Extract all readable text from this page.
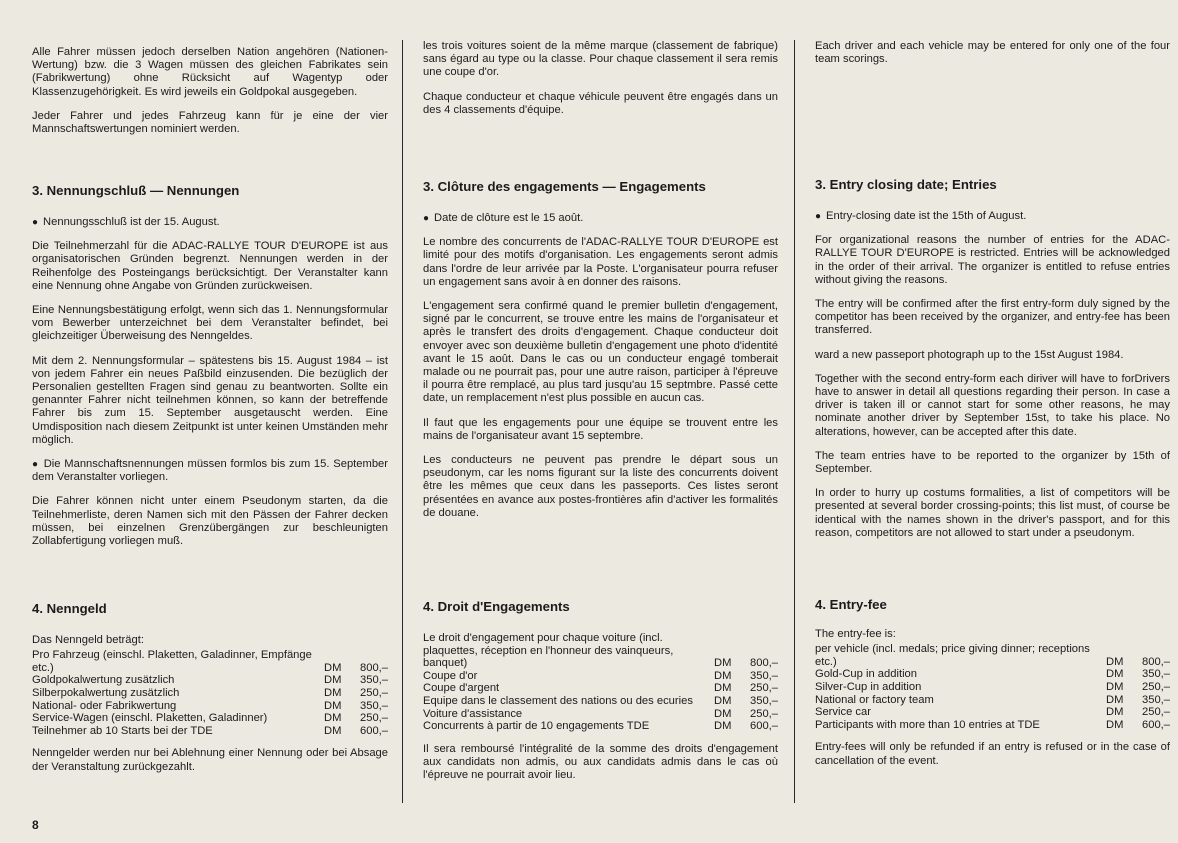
Alle Fahrer müssen jedoch derselben Nation angehören (Nationen-Wertung) bzw. die 3 Wagen müssen des gleichen Fabrikates sein (Fabrikwertung) ohne Rücksicht auf Wagentyp oder Klassenzugehörigkeit. Es wird jeweils ein Goldpokal ausgegeben.

Jeder Fahrer und jedes Fahrzeug kann für je eine der vier Mannschaftswertungen nominiert werden.

3. Nennungschluß — Nennungen

● Nennungsschluß ist der 15. August.

Die Teilnehmerzahl für die ADAC-RALLYE TOUR D'EUROPE ist aus organisatorischen Gründen begrenzt. Nennungen werden in der Reihenfolge des Posteingangs berücksichtigt. Der Veranstalter kann eine Nennung ohne Angabe von Gründen zurückweisen.

Eine Nennungsbestätigung erfolgt, wenn sich das 1. Nennungsformular vom Bewerber unterzeichnet bei dem Veranstalter befindet, bei gleichzeitiger Überweisung des Nenngeldes.

Mit dem 2. Nennungsformular – spätestens bis 15. August 1984 – ist von jedem Fahrer ein neues Paßbild einzusenden. Die bezüglich der Personalien gestellten Fragen sind genau zu beantworten. Sollte ein genannter Fahrer nicht teilnehmen können, so kann der betreffende Fahrer bis zum 15. September ausgetauscht werden. Eine Umdisposition nach diesem Zeitpunkt ist unter keinen Umständen mehr möglich.

● Die Mannschaftsnennungen müssen formlos bis zum 15. September dem Veranstalter vorliegen.

Die Fahrer können nicht unter einem Pseudonym starten, da die Teilnehmerliste, deren Namen sich mit den Pässen der Fahrer decken müssen, bei einzelnen Grenzübergängen zur beschleunigten Zollabfertigung vorliegen muß.

4. Nenngeld

Das Nenngeld beträgt:

Pro Fahrzeug (einschl. Plaketten, Galadinner, Empfänge etc.)	DM	800,–
Goldpokalwertung zusätzlich	DM	350,–
Silberpokalwertung zusätzlich	DM	250,–
National- oder Fabrikwertung	DM	350,–
Service-Wagen (einschl. Plaketten, Galadinner)	DM	250,–
Teilnehmer ab 10 Starts bei der TDE	DM	600,–

Nenngelder werden nur bei Ablehnung einer Nennung oder bei Absage der Veranstaltung zurückgezahlt.

les trois voitures soient de la même marque (classement de fabrique) sans égard au type ou la classe. Pour chaque classement il sera remis une coupe d'or.

Chaque conducteur et chaque véhicule peuvent être engagés dans un des 4 classements d'équipe.

3. Clôture des engagements — Engagements

● Date de clôture est le 15 août.

Le nombre des concurrents de l'ADAC-RALLYE TOUR D'EUROPE est limité pour des motifs d'organisation. Les engagements seront admis dans l'ordre de leur arrivée par la Poste. L'organisateur pourra refuser un engagement sans avoir à en donner des raisons.

L'engagement sera confirmé quand le premier bulletin d'engagement, signé par le concurrent, se trouve entre les mains de l'organisateur et après le transfert des droits d'engagement. Chaque conducteur doit envoyer avec son deuxième bulletin d'engagement une photo d'identité avant le 15 août. Dans le cas ou un conducteur engagé tomberait malade ou ne pourrait pas, pour une autre raison, participer à l'épreuve il pourra être remplacé, au plus tard jusqu'au 15 septmbre. Passé cette date, un remplacement n'est plus possible en aucun cas.

Il faut que les engagements pour une équipe se trouvent entre les mains de l'organisateur avant 15 septembre.

Les conducteurs ne peuvent pas prendre le départ sous un pseudonym, car les noms figurant sur la liste des concurrents doivent être les mêmes que ceux dans les passeports. Ces listes seront présentées en avance aux postes-frontières afin d'activer les formalités de douane.

4. Droit d'Engagements
Le droit d'engagement pour chaque voiture (incl. plaquettes, réception en l'honneur des vainqueurs, banquet)	DM	800,–
Coupe d'or	DM	350,–
Coupe d'argent	DM	250,–
Equipe dans le classement des nations ou des ecuries	DM	350,–
Voiture d'assistance	DM	250,–
Concurrents à partir de 10 engagements TDE	DM	600,–

Il sera remboursé l'intégralité de la somme des droits d'engagement aux candidats non admis, ou aux candidats admis dans le cas où l'épreuve ne pourrait avoir lieu.

Each driver and each vehicle may be entered for only one of the four team scorings.

3. Entry closing date; Entries

● Entry-closing date ist the 15th of August.

For organizational reasons the number of entries for the ADAC-RALLYE TOUR D'EUROPE is restricted. Entries will be acknowledged in the order of their arrival. The organizer is entitled to refuse entries without giving the reasons.

The entry will be confirmed after the first entry-form duly signed by the competitor has been received by the organizer, and entry-fee has been transferred.

ward a new passeport photograph up to the 15st August 1984.

Together with the second entry-form each diriver will have to forDrivers have to answer in detail all questions regarding their person. In case a driver is taken ill or cannot start for some other reasons, he may nominate another driver by September 15st, to take his place. No alterations, however, can be accepted after this date.

The team entries have to be reported to the organizer by 15th of September.

In order to hurry up costums formalities, a list of competitors will be presented at several border crossing-points; this list must, of course be identical with the names shown in the driver's passport, and for this reason, competitors are not allowed to start under a pseudonym.

4. Entry-fee

The entry-fee is:

per vehicle (incl. medals; price giving dinner; receptions etc.)	DM	800,–
Gold-Cup in addition	DM	350,–
Silver-Cup in addition	DM	250,–
National or factory team	DM	350,–
Service car	DM	250,–
Participants with more than 10 entries at TDE	DM	600,–

Entry-fees will only be refunded if an entry is refused or in the case of cancellation of the event.

8
